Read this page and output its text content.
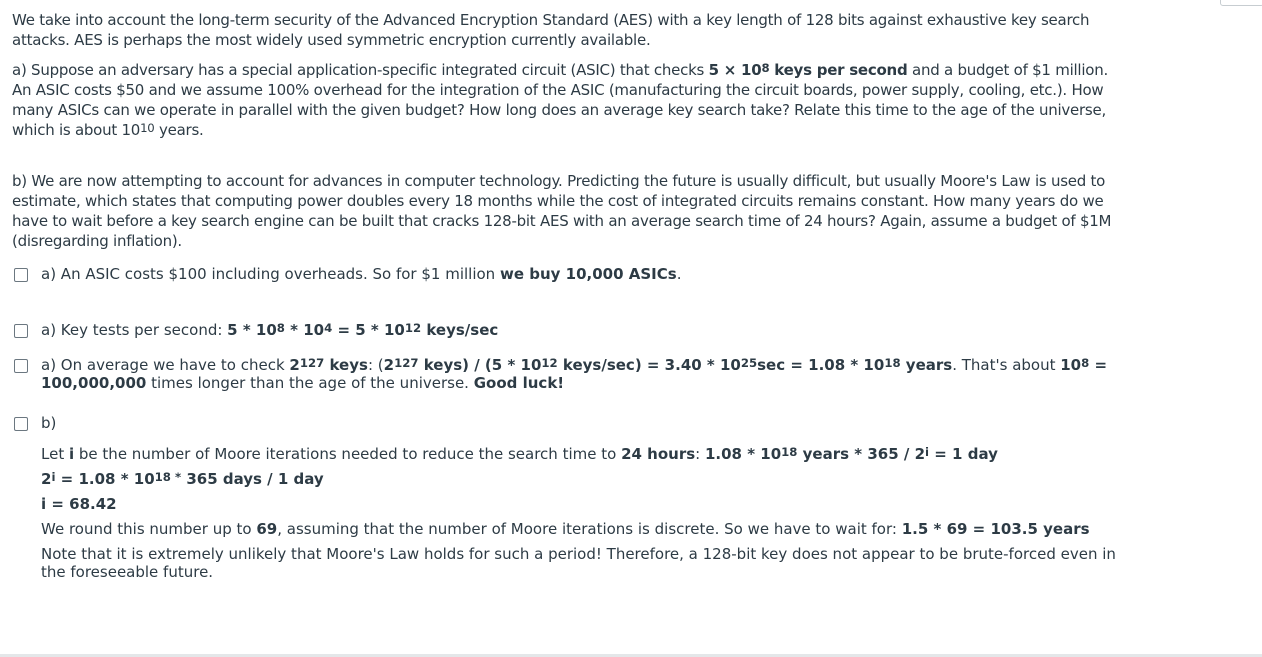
We take into account the long-term security of the Advanced Encryption Standard (AES) with a key length of 128 bits against exhaustive key search attacks. AES is perhaps the most widely used symmetric encryption currently available.

a) Suppose an adversary has a special application-specific integrated circuit (ASIC) that checks $5 \times 10^8$ keys per second and a budget of $1 million. An ASIC costs $50 and we assume 100% overhead for the integration of the ASIC (manufacturing the circuit boards, power supply, cooling, etc.). How many ASICs can we operate in parallel with the given budget? How long does an average key search take? Relate this time to the age of the universe, which is about $10^{10}$ years.

b) We are now attempting to account for advances in computer technology. Predicting the future is usually difficult, but usually Moore's Law is used to estimate, which states that computing power doubles every 18 months while the cost of integrated circuits remains constant. How many years do we have to wait before a key search engine can be built that cracks 128-bit AES with an average search time of 24 hours? Again, assume a budget of $1M (disregarding inflation).

a) An ASIC costs $100 including overheads. So for $1 million we buy 10,000 ASICs.
a) Key tests per second: $5 * 10^8 * 10^4 = 5 * 10^{12}$ keys/sec
a) On average we have to check $2^{127}$ keys: ($2^{127}$ keys) / ($5 * 10^{12}$ keys/sec) = $3.40 * 10^{25}\sec = 1.08 * 10^{18}$ years. That's about $10^8 = 100,000,000$ times longer than the age of the universe. Good luck!
b)
Let i be the number of Moore iterations needed to reduce the search time to 24 hours: $1.08 * 10^{18}$ years * $365 / 2^i = 1$ day
$2^i = 1.08 * 10^{18 *}$ 365 days / 1 day
i = 68.42
We round this number up to 69, assuming that the number of Moore iterations is discrete. So we have to wait for: 1.5 * 69 = 103.5 years
Note that it is extremely unlikely that Moore's Law holds for such a period! Therefore, a 128-bit key does not appear to be brute-forced even in the foreseeable future.
